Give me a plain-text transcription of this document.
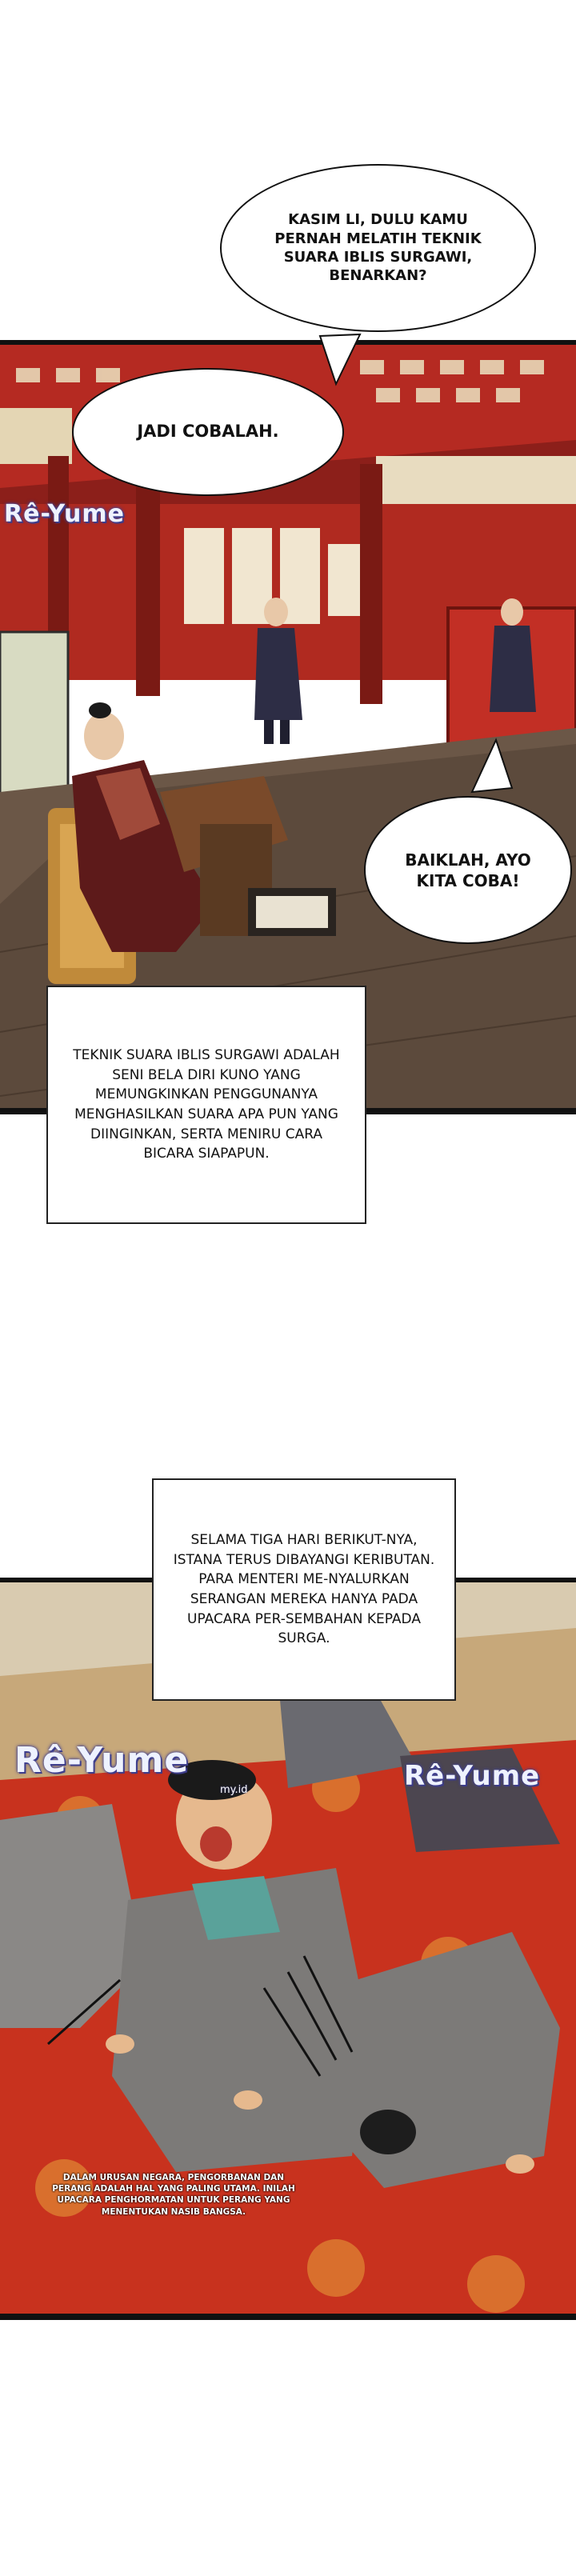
KASIM LI, DULU KAMU PERNAH MELATIH TEKNIK SUARA IBLIS SURGAWI, BENARKAN?
JADI COBALAH.
BAIKLAH, AYO KITA COBA!
Rê-Yume
TEKNIK SUARA IBLIS SURGAWI ADALAH SENI BELA DIRI KUNO YANG MEMUNGKINKAN PENGGUNANYA MENGHASILKAN SUARA APA PUN YANG DIINGINKAN, SERTA MENIRU CARA BICARA SIAPAPUN.
Rê-Yume
my.id	Rê-Yume
DALAM URUSAN NEGARA, PENGORBANAN DAN PERANG ADALAH HAL YANG PALING UTAMA. INILAH UPACARA PENGHORMATAN UNTUK PERANG YANG MENENTUKAN NASIB BANGSA.
SELAMA TIGA HARI BERIKUT-NYA, ISTANA TERUS DIBAYANGI KERIBUTAN. PARA MENTERI ME-NYALURKAN SERANGAN MEREKA HANYA PADA UPACARA PER-SEMBAHAN KEPADA SURGA.
